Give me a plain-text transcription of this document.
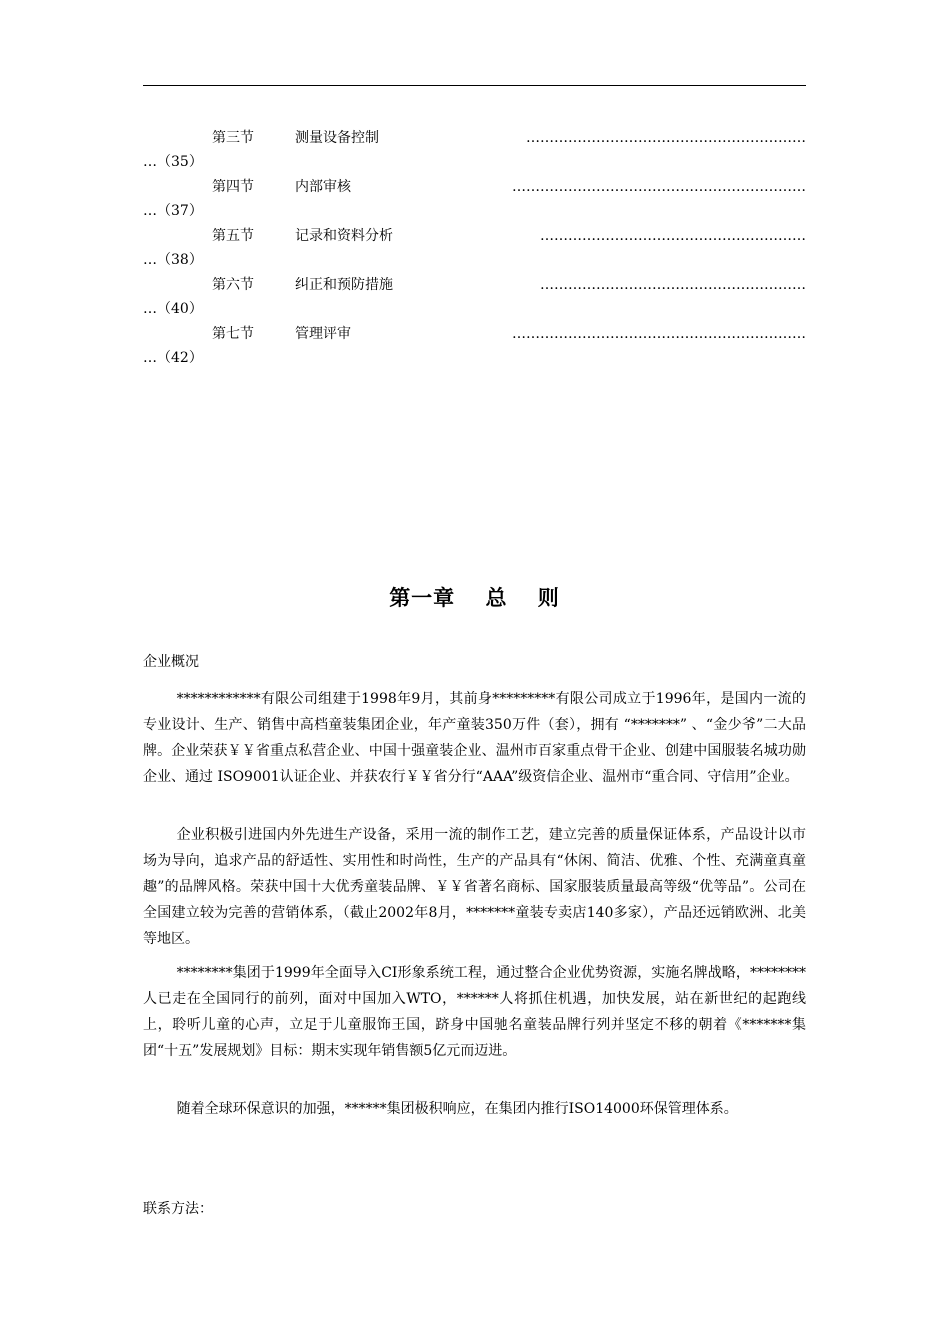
第三节	测量设备控制	……………………………………………………
…（35）
第四节	内部审核	………………………………………………………
…（37）
第五节	记录和资料分析	…………………………………………………
…（38）
第六节	纠正和预防措施	…………………………………………………
…（40）
第七节	管理评审	………………………………………………………
…（42）
第一章　 总　 则
企业概况

************有限公司组建于1998年9月，其前身*********有限公司成立于1996年，是国内一流的专业设计、生产、销售中高档童装集团企业，年产童装350万件（套），拥有 “*******” 、“金少爷”二大品牌。企业荣获￥￥省重点私营企业、中国十强童装企业、温州市百家重点骨干企业、创建中国服装名城功勋企业、通过 ISO9001认证企业、并获农行￥￥省分行“AAA”级资信企业、温州市“重合同、守信用”企业。

企业积极引进国内外先进生产设备，采用一流的制作工艺，建立完善的质量保证体系，产品设计以市场为导向，追求产品的舒适性、实用性和时尚性，生产的产品具有“休闲、简洁、优雅、个性、充满童真童趣”的品牌风格。荣获中国十大优秀童装品牌、￥￥省著名商标、国家服装质量最高等级“优等品”。公司在全国建立较为完善的营销体系，（截止2002年8月，*******童装专卖店140多家），产品还远销欧洲、北美等地区。

********集团于1999年全面导入CI形象系统工程，通过整合企业优势资源，实施名牌战略，********人已走在全国同行的前列，面对中国加入WTO，******人将抓住机遇，加快发展，站在新世纪的起跑线上，聆听儿童的心声，立足于儿童服饰王国，跻身中国驰名童装品牌行列并坚定不移的朝着《*******集团“十五”发展规划》目标：期末实现年销售额5亿元而迈进。

随着全球环保意识的加强，******集团极积响应，在集团内推行ISO14000环保管理体系。

联系方法：
